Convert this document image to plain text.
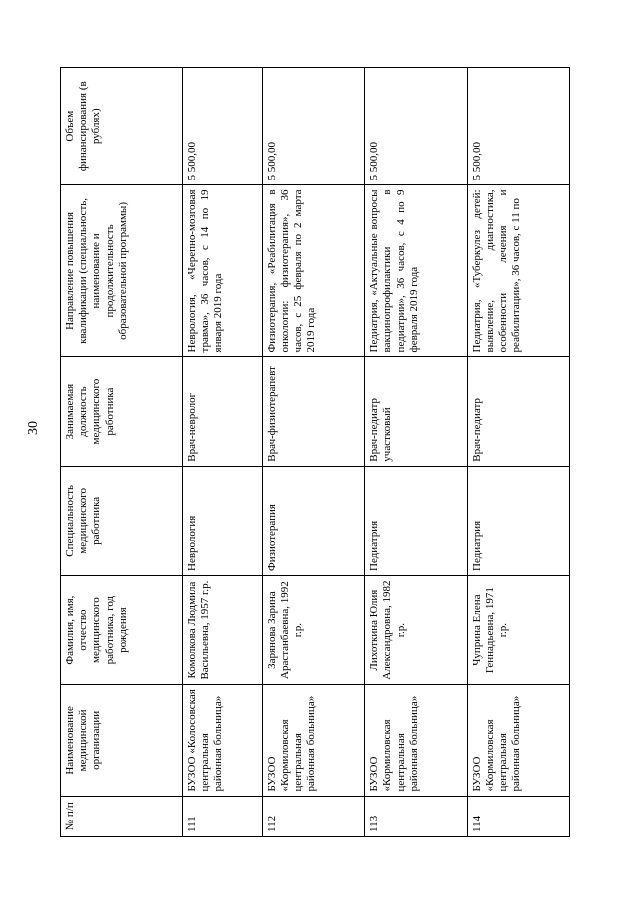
30
№ п/п	Наименование медицинской организации	Фамилия, имя, отчество медицинского работника, год рождения	Специальность медицинского работника	Занимаемая должность медицинского работника	Направление повышения квалификации (специальность, наименование и продолжительность образовательной программы)	Объем финансирования (в рублях)
111	БУЗОО «Колосовская центральная районная больница»	Комолкова Людмила Васильевна, 1957 г.р.	Неврология	Врач-невролог	Неврология, «Черепно-мозговая травма», 36 часов, с 14 по 19 января 2019 года	5 500,00
112	БУЗОО «Кормиловская центральная районная больница»	Зарянова Зарина Арастанбаевна, 1992 г.р.	Физиотерапия	Врач-физиотерапевт	Физиотерапия, «Реабилитация в онкологии: физиотерапия», 36 часов, с 25 февраля по 2 марта 2019 года	5 500,00
113	БУЗОО «Кормиловская центральная районная больница»	Лихоткина Юлия Александровна, 1982 г.р.	Педиатрия	Врач-педиатр участковый	Педиатрия, «Актуальные вопросы вакцинопрофилактики в педиатрии», 36 часов, с 4 по 9 февраля 2019 года	5 500,00
114	БУЗОО «Кормиловская центральная районная больница»	Чуприна Елена Геннадьевна, 1971 г.р.	Педиатрия	Врач-педиатр	Педиатрия, «Туберкулез детей: выявление, диагностика, особенности лечения и реабилитации», 36 часов, с 11 по	5 500,00
